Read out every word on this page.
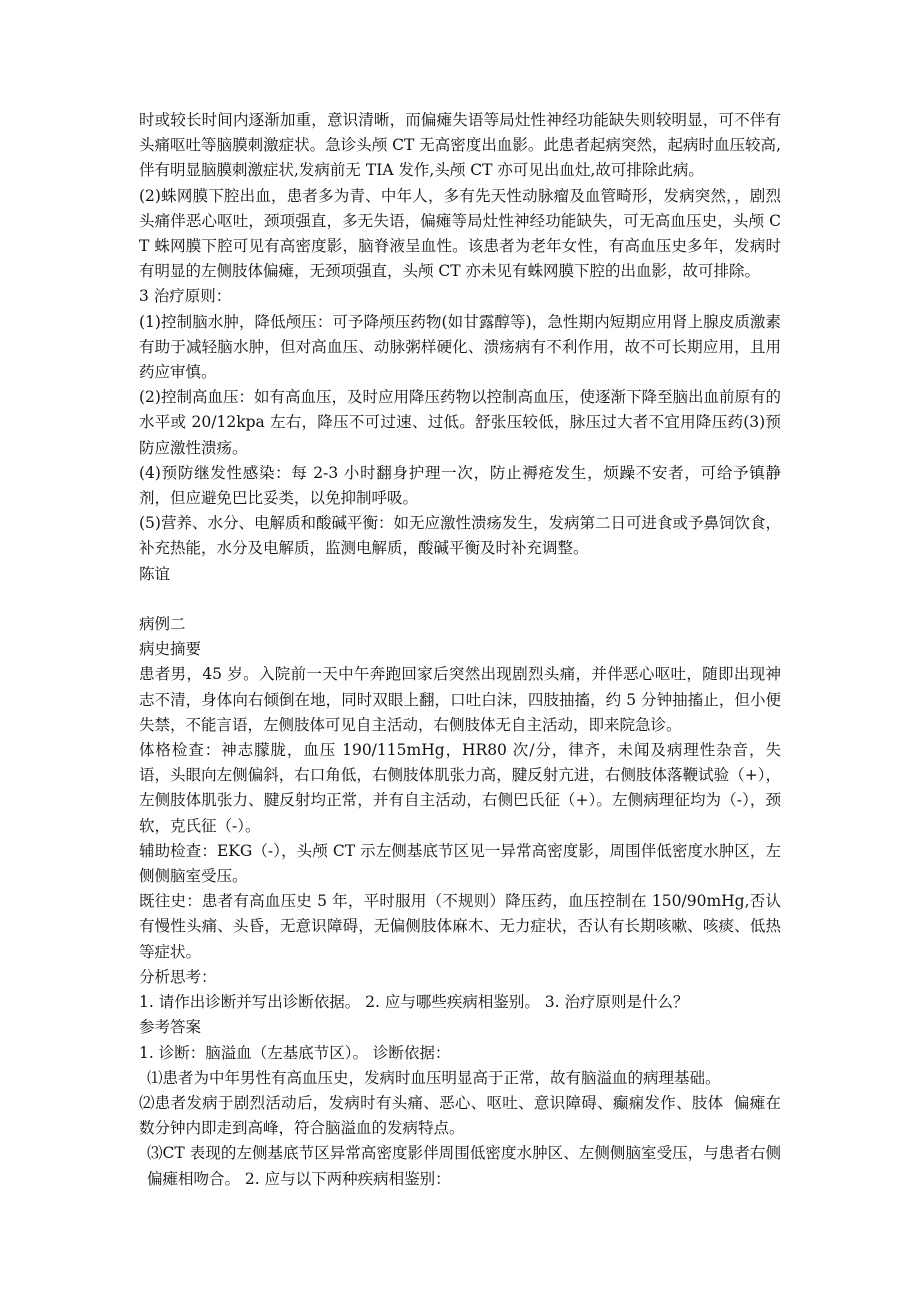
时或较长时间内逐渐加重，意识清晰，而偏瘫失语等局灶性神经功能缺失则较明显，可不伴有头痛呕吐等脑膜刺激症状。急诊头颅 CT 无高密度出血影。此患者起病突然，起病时血压较高,伴有明显脑膜刺激症状,发病前无 TIA 发作,头颅 CT 亦可见出血灶,故可排除此病。

(2)蛛网膜下腔出血，患者多为青、中年人，多有先天性动脉瘤及血管畸形，发病突然，，剧烈头痛伴恶心呕吐，颈项强直，多无失语，偏瘫等局灶性神经功能缺失，可无高血压史，头颅 CT 蛛网膜下腔可见有高密度影，脑脊液呈血性。该患者为老年女性，有高血压史多年，发病时有明显的左侧肢体偏瘫，无颈项强直，头颅 CT 亦未见有蛛网膜下腔的出血影，故可排除。

3 治疗原则：

(1)控制脑水肿，降低颅压：可予降颅压药物(如甘露醇等)，急性期内短期应用肾上腺皮质激素有助于减轻脑水肿，但对高血压、动脉粥样硬化、溃疡病有不利作用，故不可长期应用，且用药应审慎。

(2)控制高血压：如有高血压，及时应用降压药物以控制高血压，使逐渐下降至脑出血前原有的水平或 20/12kpa 左右，降压不可过速、过低。舒张压较低，脉压过大者不宜用降压药(3)预防应激性溃疡。

(4)预防继发性感染：每 2-3 小时翻身护理一次，防止褥疮发生，烦躁不安者，可给予镇静剂，但应避免巴比妥类，以免抑制呼吸。

(5)营养、水分、电解质和酸碱平衡：如无应激性溃疡发生，发病第二日可进食或予鼻饲饮食，补充热能，水分及电解质，监测电解质，酸碱平衡及时补充调整。

陈谊

病例二

病史摘要

患者男，45 岁。入院前一天中午奔跑回家后突然出现剧烈头痛，并伴恶心呕吐，随即出现神志不清，身体向右倾倒在地，同时双眼上翻，口吐白沫，四肢抽搐，约 5 分钟抽搐止，但小便失禁，不能言语，左侧肢体可见自主活动，右侧肢体无自主活动，即来院急诊。

体格检查：神志朦胧，血压 190/115mHg，HR80 次/分，律齐，未闻及病理性杂音，失语，头眼向左侧偏斜，右口角低，右侧肢体肌张力高，腱反射亢进，右侧肢体落鞭试验（+），左侧肢体肌张力、腱反射均正常，并有自主活动，右侧巴氏征（+）。左侧病理征均为（-），颈软，克氏征（-）。

辅助检查：EKG（-），头颅 CT 示左侧基底节区见一异常高密度影，周围伴低密度水肿区，左侧侧脑室受压。

既往史：患者有高血压史 5 年，平时服用（不规则）降压药，血压控制在 150/90mHg,否认有慢性头痛、头昏，无意识障碍，无偏侧肢体麻木、无力症状，否认有长期咳嗽、咳痰、低热等症状。

分析思考：

1. 请作出诊断并写出诊断依据。 2. 应与哪些疾病相鉴别。 3. 治疗原则是什么？

参考答案

1. 诊断：脑溢血（左基底节区）。 诊断依据：

⑴患者为中年男性有高血压史，发病时血压明显高于正常，故有脑溢血的病理基础。

⑵患者发病于剧烈活动后，发病时有头痛、恶心、呕吐、意识障碍、癫痫发作、肢体  偏瘫在数分钟内即走到高峰，符合脑溢血的发病特点。

⑶CT 表现的左侧基底节区异常高密度影伴周围低密度水肿区、左侧侧脑室受压，与患者右侧偏瘫相吻合。 2. 应与以下两种疾病相鉴别：
